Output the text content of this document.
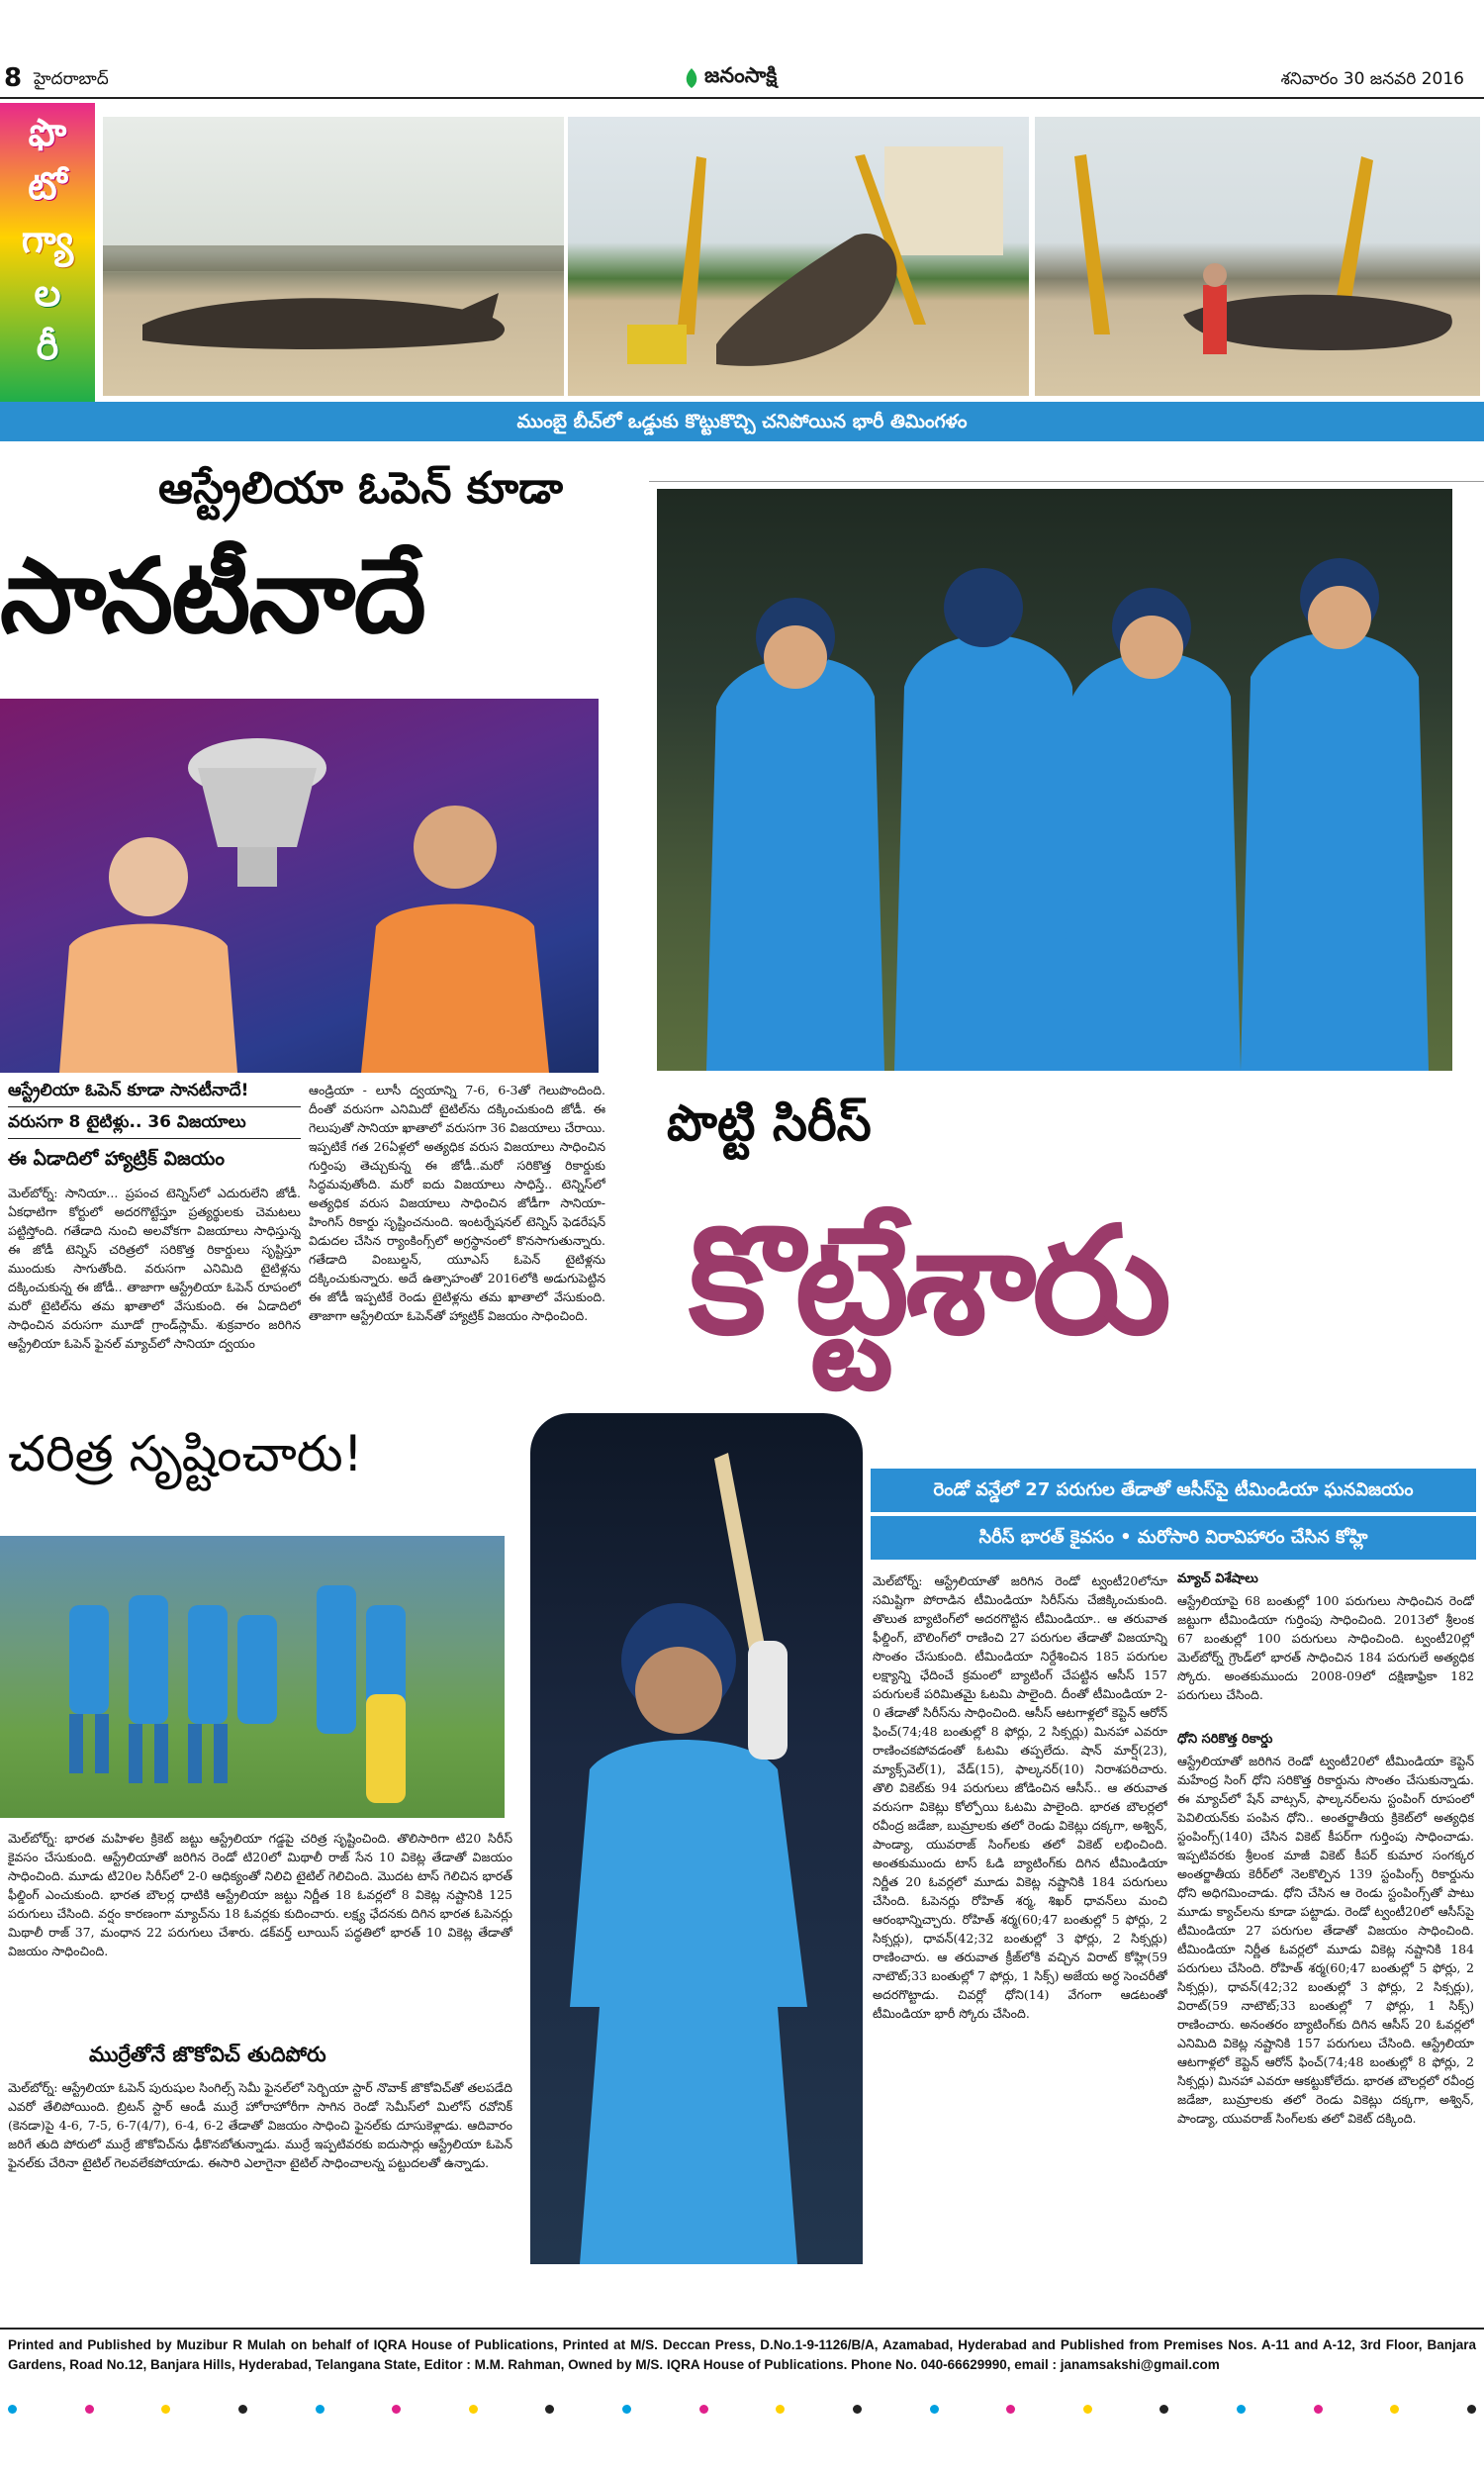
8 హైదరాబాద్	జనంసాక్షి	శనివారం 30 జనవరి 2016
ఫొ
టో
గ్యా
ల
రీ
ముంబై బీచ్‌లో ఒడ్డుకు కొట్టుకొచ్చి చనిపోయిన భారీ తిమింగళం
ఆస్ట్రేలియా ఓపెన్ కూడా
సానటీనాదే
ఆస్ట్రేలియా ఓపెన్ కూడా సానటీనాదే!
వరుసగా 8 టైటిళ్లు.. 36 విజయాలు
ఈ ఏడాదిలో హ్యాట్రిక్ విజయం
మెల్‌బోర్న్: సానియా... ప్రపంచ టెన్నిస్‌లో ఎదురులేని జోడీ. ఏకధాటిగా కోర్టులో అదరగొట్టేస్తూ ప్రత్యర్థులకు చెమటలు పట్టిస్తోంది. గతేడాది నుంచి అలవోకగా విజయాలు సాధిస్తున్న ఈ జోడీ టెన్నిస్ చరిత్రలో సరికొత్త రికార్డులు సృష్టిస్తూ ముందుకు సాగుతోంది. వరుసగా ఎనిమిది టైటిళ్లను దక్కించుకున్న ఈ జోడీ.. తాజాగా ఆస్ట్రేలియా ఓపెన్ రూపంలో మరో టైటిల్‌ను తమ ఖాతాలో వేసుకుంది. ఈ ఏడాదిలో సాధించిన వరుసగా మూడో గ్రాండ్‌స్లామ్. శుక్రవారం జరిగిన ఆస్ట్రేలియా ఓపెన్ ఫైనల్ మ్యాచ్‌లో సానియా ద్వయం
ఆండ్రియా - లూసీ ద్వయాన్ని 7-6, 6-3తో గెలుపొందింది. దీంతో వరుసగా ఎనిమిదో టైటిల్‌ను దక్కించుకుంది జోడీ. ఈ గెలుపుతో సానియా ఖాతాలో వరుసగా 36 విజయాలు చేరాయి. ఇప్పటికే గత 26ఏళ్లలో అత్యధిక వరుస విజయాలు సాధించిన గుర్తింపు తెచ్చుకున్న ఈ జోడీ..మరో సరికొత్త రికార్డుకు సిద్ధమవుతోంది. మరో ఐదు విజయాలు సాధిస్తే.. టెన్నిస్‌లో అత్యధిక వరుస విజయాలు సాధించిన జోడీగా సానియా-హింగిస్ రికార్డు సృష్టించనుంది. ఇంటర్నేషనల్ టెన్నిస్ ఫెడరేషన్ విడుదల చేసిన ర్యాంకింగ్స్‌లో అగ్రస్థానంలో కొనసాగుతున్నారు. గతేడాది వింబుల్డన్, యూఎస్ ఓపెన్ టైటిళ్లను దక్కించుకున్నారు. అదే ఉత్సాహంతో 2016లోకి అడుగుపెట్టిన ఈ జోడీ ఇప్పటికే రెండు టైటిళ్లను తమ ఖాతాలో వేసుకుంది. తాజాగా ఆస్ట్రేలియా ఓపెన్‌తో హ్యాట్రిక్ విజయం సాధించింది.
చరిత్ర సృష్టించారు!
మెల్‌బోర్న్: భారత మహిళల క్రికెట్ జట్టు ఆస్ట్రేలియా గడ్డపై చరిత్ర సృష్టించింది. తొలిసారిగా టి20 సిరీస్ కైవసం చేసుకుంది. ఆస్ట్రేలియాతో జరిగిన రెండో టి20లో మిథాలీ రాజ్ సేన 10 వికెట్ల తేడాతో విజయం సాధించింది. మూడు టి20ల సిరీస్‌లో 2-0 ఆధిక్యంతో నిలిచి టైటిల్ గెలిచింది. మొదట టాస్ గెలిచిన భారత్ ఫీల్డింగ్ ఎంచుకుంది. భారత బౌలర్ల ధాటికి ఆస్ట్రేలియా జట్టు నిర్ణీత 18 ఓవర్లలో 8 వికెట్ల నష్టానికి 125 పరుగులు చేసింది. వర్షం కారణంగా మ్యాచ్‌ను 18 ఓవర్లకు కుదించారు. లక్ష్య ఛేదనకు దిగిన భారత ఓపెనర్లు మిథాలీ రాజ్ 37, మంధాన 22 పరుగులు చేశారు. డక్‌వర్త్ లూయిస్ పద్ధతిలో భారత్ 10 వికెట్ల తేడాతో విజయం సాధించింది.
ముర్రేతోనే జొకోవిచ్ తుదిపోరు
మెల్‌బోర్న్: ఆస్ట్రేలియా ఓపెన్ పురుషుల సింగిల్స్ సెమీ ఫైనల్‌లో సెర్బియా స్టార్ నొవాక్ జొకోవిచ్‌తో తలపడేది ఎవరో తేలిపోయింది. బ్రిటన్ స్టార్ ఆండీ ముర్రే హోరాహోరీగా సాగిన రెండో సెమీస్‌లో మిలోస్ రవోనిక్ (కెనడా)పై 4-6, 7-5, 6-7(4/7), 6-4, 6-2 తేడాతో విజయం సాధించి ఫైనల్‌కు దూసుకెళ్లాడు. ఆదివారం జరిగే తుది పోరులో ముర్రే జొకోవిచ్‌ను ఢీకొనబోతున్నాడు. ముర్రే ఇప్పటివరకు ఐదుసార్లు ఆస్ట్రేలియా ఓపెన్ ఫైనల్‌కు చేరినా టైటిల్ గెలవలేకపోయాడు. ఈసారి ఎలాగైనా టైటిల్ సాధించాలన్న పట్టుదలతో ఉన్నాడు.
పొట్టి సిరీస్
కొట్టేశారు
రెండో వన్డేలో 27 పరుగుల తేడాతో ఆసీస్‌పై టీమిండియా ఘనవిజయం
సిరీస్ భారత్ కైవసం • మరోసారి విరావిహారం చేసిన కోహ్లి
మెల్‌బోర్న్: ఆస్ట్రేలియాతో జరిగిన రెండో ట్వంటీ20లోనూ సమిష్టిగా పోరాడిన టీమిండియా సిరీస్‌ను చేజిక్కించుకుంది. తొలుత బ్యాటింగ్‌లో అదరగొట్టిన టీమిండియా.. ఆ తరువాత ఫీల్డింగ్, బౌలింగ్‌లో రాణించి 27 పరుగుల తేడాతో విజయాన్ని సొంతం చేసుకుంది. టీమిండియా నిర్దేశించిన 185 పరుగుల లక్ష్యాన్ని ఛేదించే క్రమంలో బ్యాటింగ్ చేపట్టిన ఆసీస్ 157 పరుగులకే పరిమితమై ఓటమి పాలైంది. దీంతో టీమిండియా 2-0 తేడాతో సిరీస్‌ను సాధించింది. ఆసీస్ ఆటగాళ్లలో కెప్టెన్ ఆరోన్ ఫించ్(74;48 బంతుల్లో 8 ఫోర్లు, 2 సిక్సర్లు) మినహా ఎవరూ రాణించకపోవడంతో ఓటమి తప్పలేదు. షాన్ మార్ష్(23), మ్యాక్స్‌వెల్(1), వేడ్(15), ఫాల్కనర్(10) నిరాశపరిచారు. తొలి వికెట్‌కు 94 పరుగులు జోడించిన ఆసీస్.. ఆ తరువాత వరుసగా వికెట్లు కోల్పోయి ఓటమి పాలైంది. భారత బౌలర్లలో రవీంద్ర జడేజా, బుమ్రాలకు తలో రెండు వికెట్లు దక్కగా, అశ్విన్, పాండ్యా, యువరాజ్ సింగ్‌లకు తలో వికెట్ లభించింది. అంతకుముందు టాస్ ఓడి బ్యాటింగ్‌కు దిగిన టీమిండియా నిర్ణీత 20 ఓవర్లలో మూడు వికెట్ల నష్టానికి 184 పరుగులు చేసింది. ఓపెనర్లు రోహిత్ శర్మ, శిఖర్ ధావన్‌లు మంచి ఆరంభాన్నిచ్చారు. రోహిత్ శర్మ(60;47 బంతుల్లో 5 ఫోర్లు, 2 సిక్సర్లు), ధావన్(42;32 బంతుల్లో 3 ఫోర్లు, 2 సిక్సర్లు) రాణించారు. ఆ తరువాత క్రీజ్‌లోకి వచ్చిన విరాట్ కోహ్లి(59 నాటౌట్;33 బంతుల్లో 7 ఫోర్లు, 1 సిక్స్) అజేయ అర్ధ సెంచరీతో అదరగొట్టాడు. చివర్లో ధోని(14) వేగంగా ఆడటంతో టీమిండియా భారీ స్కోరు చేసింది.
మ్యాచ్ విశేషాలు
ఆస్ట్రేలియాపై 68 బంతుల్లో 100 పరుగులు సాధించిన రెండో జట్టుగా టీమిండియా గుర్తింపు సాధించింది. 2013లో శ్రీలంక 67 బంతుల్లో 100 పరుగులు సాధించింది. ట్వంటీ20ల్లో మెల్‌బోర్న్ గ్రౌండ్‌లో భారత్ సాధించిన 184 పరుగులే అత్యధిక స్కోరు. అంతకుముందు 2008-09లో దక్షిణాఫ్రికా 182 పరుగులు చేసింది.
ధోని సరికొత్త రికార్డు
ఆస్ట్రేలియాతో జరిగిన రెండో ట్వంటీ20లో టీమిండియా కెప్టెన్ మహేంద్ర సింగ్ ధోని సరికొత్త రికార్డును సొంతం చేసుకున్నాడు. ఈ మ్యాచ్‌లో షేన్ వాట్సన్, ఫాల్కనర్‌లను స్టంపింగ్ రూపంలో పెవిలియన్‌కు పంపిన ధోని.. అంతర్జాతీయ క్రికెట్‌లో అత్యధిక స్టంపింగ్స్(140) చేసిన వికెట్ కీపర్‌గా గుర్తింపు సాధించాడు. ఇప్పటివరకు శ్రీలంక మాజీ వికెట్ కీపర్ కుమార సంగక్కర అంతర్జాతీయ కెరీర్‌లో నెలకొల్పిన 139 స్టంపింగ్స్ రికార్డును ధోని అధిగమించాడు. ధోని చేసిన ఆ రెండు స్టంపింగ్స్‌తో పాటు మూడు క్యాచ్‌లను కూడా పట్టాడు. రెండో ట్వంటీ20లో ఆసీస్‌పై టీమిండియా 27 పరుగుల తేడాతో విజయం సాధించింది. టీమిండియా నిర్ణీత ఓవర్లలో మూడు వికెట్ల నష్టానికి 184 పరుగులు చేసింది. రోహిత్ శర్మ(60;47 బంతుల్లో 5 ఫోర్లు, 2 సిక్సర్లు), ధావన్(42;32 బంతుల్లో 3 ఫోర్లు, 2 సిక్సర్లు), విరాట్(59 నాటౌట్;33 బంతుల్లో 7 ఫోర్లు, 1 సిక్స్) రాణించారు. అనంతరం బ్యాటింగ్‌కు దిగిన ఆసీస్ 20 ఓవర్లలో ఎనిమిది వికెట్ల నష్టానికి 157 పరుగులు చేసింది. ఆస్ట్రేలియా ఆటగాళ్లలో కెప్టెన్ ఆరోన్ ఫించ్(74;48 బంతుల్లో 8 ఫోర్లు, 2 సిక్సర్లు) మినహా ఎవరూ ఆకట్టుకోలేదు. భారత బౌలర్లలో రవీంద్ర జడేజా, బుమ్రాలకు తలో రెండు వికెట్లు దక్కగా, అశ్విన్, పాండ్యా, యువరాజ్ సింగ్‌లకు తలో వికెట్ దక్కింది.
Printed and Published by Muzibur R Mulah on behalf of IQRA House of Publications, Printed at M/S. Deccan Press, D.No.1-9-1126/B/A, Azamabad, Hyderabad and Published from Premises Nos. A-11 and A-12, 3rd Floor, Banjara Gardens, Road No.12, Banjara Hills, Hyderabad, Telangana State, Editor : M.M. Rahman, Owned by M/S. IQRA House of Publications. Phone No. 040-66629990, email : janamsakshi@gmail.com
